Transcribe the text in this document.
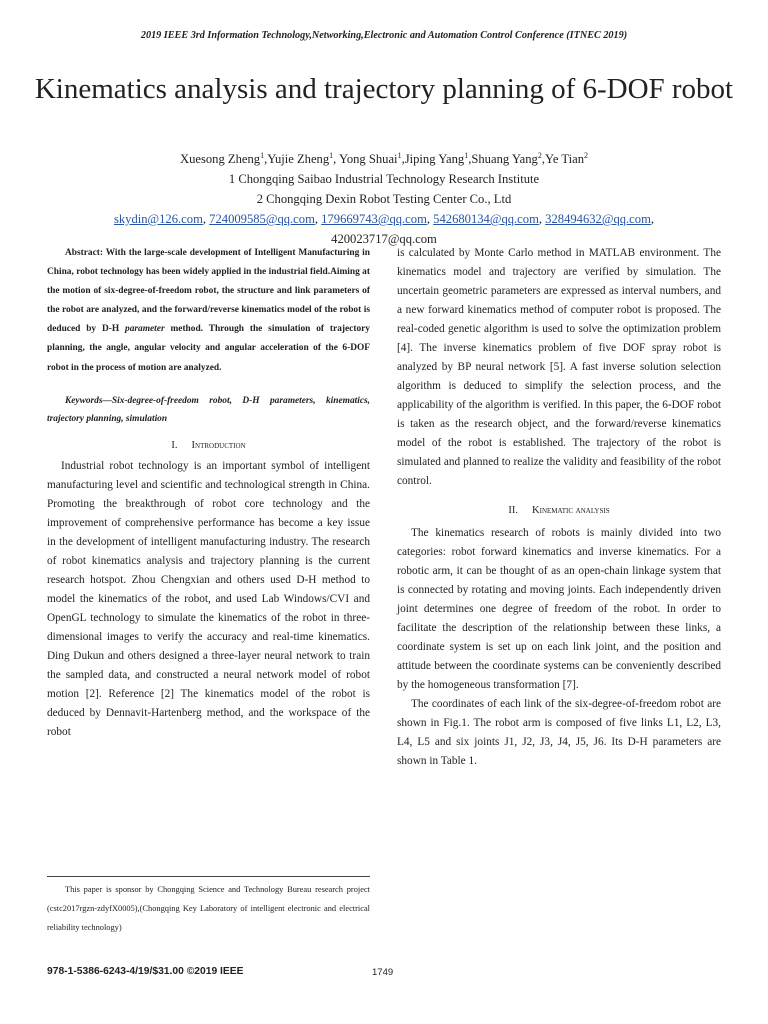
2019 IEEE 3rd Information Technology,Networking,Electronic and Automation Control Conference (ITNEC 2019)
Kinematics analysis and trajectory planning of 6-DOF robot
Xuesong Zheng$^1$,Yujie Zheng$^1$, Yong Shuai$^1$,Jiping Yang$^1$,Shuang Yang$^2$,Ye Tian$^2$
1 Chongqing Saibao Industrial Technology Research Institute
2 Chongqing Dexin Robot Testing Center Co., Ltd
skydin@126.com, 724009585@qq.com, 179669743@qq.com, 542680134@qq.com, 328494632@qq.com,
420023717@qq.com

Abstract: With the large-scale development of Intelligent Manufacturing in China, robot technology has been widely applied in the industrial field.Aiming at the motion of six-degree-of-freedom robot, the structure and link parameters of the robot are analyzed, and the forward/reverse kinematics model of the robot is deduced by D-H parameter method. Through the simulation of trajectory planning, the angle, angular velocity and angular acceleration of the 6-DOF robot in the process of motion are analyzed.

Keywords—Six-degree-of-freedom robot, D-H parameters, kinematics, trajectory planning, simulation

I. Introduction

Industrial robot technology is an important symbol of intelligent manufacturing level and scientific and technological strength in China. Promoting the breakthrough of robot core technology and the improvement of comprehensive performance has become a key issue in the development of intelligent manufacturing industry. The research of robot kinematics analysis and trajectory planning is the current research hotspot. Zhou Chengxian and others used D-H method to model the kinematics of the robot, and used Lab Windows/CVI and OpenGL technology to simulate the kinematics of the robot in three-dimensional images to verify the accuracy and real-time kinematics. Ding Dukun and others designed a three-layer neural network to train the sampled data, and constructed a neural network model of robot motion [2]. Reference [2] The kinematics model of the robot is deduced by Dennavit-Hartenberg method, and the workspace of the robot

is calculated by Monte Carlo method in MATLAB environment. The kinematics model and trajectory are verified by simulation. The uncertain geometric parameters are expressed as interval numbers, and a new forward kinematics method of computer robot is proposed. The real-coded genetic algorithm is used to solve the optimization problem [4]. The inverse kinematics problem of five DOF spray robot is analyzed by BP neural network [5]. A fast inverse solution selection algorithm is deduced to simplify the selection process, and the applicability of the algorithm is verified. In this paper, the 6-DOF robot is taken as the research object, and the forward/reverse kinematics model of the robot is established. The trajectory of the robot is simulated and planned to realize the validity and feasibility of the robot control.

II. Kinematic analysis

The kinematics research of robots is mainly divided into two categories: robot forward kinematics and inverse kinematics. For a robotic arm, it can be thought of as an open-chain linkage system that is connected by rotating and moving joints. Each independently driven joint determines one degree of freedom of the robot. In order to facilitate the description of the relationship between these links, a coordinate system is set up on each link joint, and the position and attitude between the coordinate systems can be conveniently described by the homogeneous transformation [7].

The coordinates of each link of the six-degree-of-freedom robot are shown in Fig.1. The robot arm is composed of five links L1, L2, L3, L4, L5 and six joints J1, J2, J3, J4, J5, J6. Its D-H parameters are shown in Table 1.

This paper is sponsor by Chongqing Science and Technology Bureau research project (cstc2017rgzn-zdyfX0005),(Chongqing Key Laboratory of intelligent electronic and electrical reliability technology)
978-1-5386-6243-4/19/$31.00 ©2019 IEEE	1749
